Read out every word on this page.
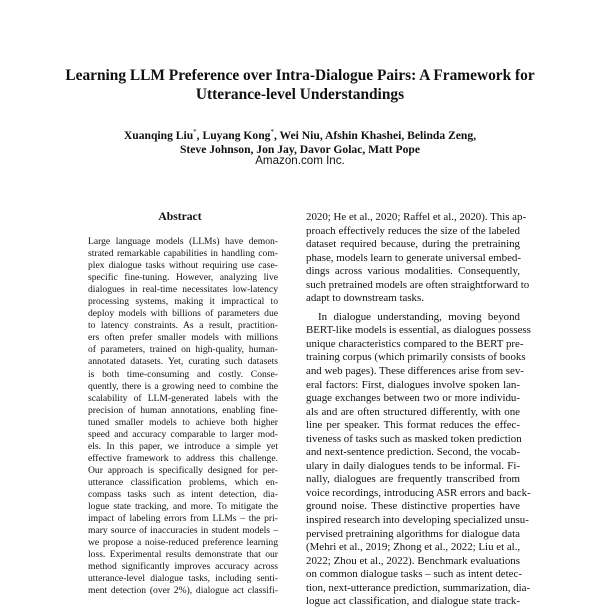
Learning LLM Preference over Intra-Dialogue Pairs: A Framework for
Utterance-level Understandings
Xuanqing Liu*, Luyang Kong*, Wei Niu, Afshin Khashei, Belinda Zeng,
Steve Johnson, Jon Jay, Davor Golac, Matt Pope
Amazon.com Inc.
Abstract
Large language models (LLMs) have demon-
strated remarkable capabilities in handling com-
plex dialogue tasks without requiring use case-
specific fine-tuning. However, analyzing live
dialogues in real-time necessitates low-latency
processing systems, making it impractical to
deploy models with billions of parameters due
to latency constraints. As a result, practition-
ers often prefer smaller models with millions
of parameters, trained on high-quality, human-
annotated datasets. Yet, curating such datasets
is both time-consuming and costly. Conse-
quently, there is a growing need to combine the
scalability of LLM-generated labels with the
precision of human annotations, enabling fine-
tuned smaller models to achieve both higher
speed and accuracy comparable to larger mod-
els. In this paper, we introduce a simple yet
effective framework to address this challenge.
Our approach is specifically designed for per-
utterance classification problems, which en-
compass tasks such as intent detection, dia-
logue state tracking, and more. To mitigate the
impact of labeling errors from LLMs – the pri-
mary source of inaccuracies in student models –
we propose a noise-reduced preference learning
loss. Experimental results demonstrate that our
method significantly improves accuracy across
utterance-level dialogue tasks, including senti-
ment detection (over 2%), dialogue act classifi-
2020; He et al., 2020; Raffel et al., 2020). This ap-
proach effectively reduces the size of the labeled
dataset required because, during the pretraining
phase, models learn to generate universal embed-
dings across various modalities. Consequently,
such pretrained models are often straightforward to
adapt to downstream tasks.
In dialogue understanding, moving beyond
BERT-like models is essential, as dialogues possess
unique characteristics compared to the BERT pre-
training corpus (which primarily consists of books
and web pages). These differences arise from sev-
eral factors: First, dialogues involve spoken lan-
guage exchanges between two or more individu-
als and are often structured differently, with one
line per speaker. This format reduces the effec-
tiveness of tasks such as masked token prediction
and next-sentence prediction. Second, the vocab-
ulary in daily dialogues tends to be informal. Fi-
nally, dialogues are frequently transcribed from
voice recordings, introducing ASR errors and back-
ground noise. These distinctive properties have
inspired research into developing specialized unsu-
pervised pretraining algorithms for dialogue data
(Mehri et al., 2019; Zhong et al., 2022; Liu et al.,
2022; Zhou et al., 2022). Benchmark evaluations
on common dialogue tasks – such as intent detec-
tion, next-utterance prediction, summarization, dia-
logue act classification, and dialogue state track-
